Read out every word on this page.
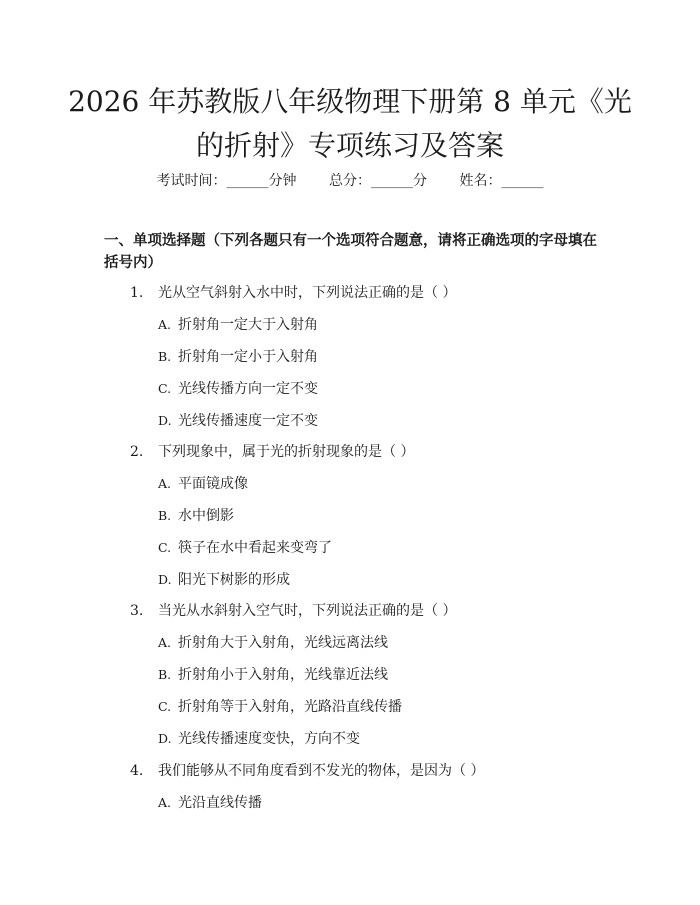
2026 年苏教版八年级物理下册第 8 单元《光的折射》专项练习及答案
考试时间：______分钟 总分：______分 姓名：______

一、单项选择题（下列各题只有一个选项符合题意，请将正确选项的字母填在括号内）

1. 光从空气斜射入水中时，下列说法正确的是（ ）

A. 折射角一定大于入射角

B. 折射角一定小于入射角

C. 光线传播方向一定不变

D. 光线传播速度一定不变

2. 下列现象中，属于光的折射现象的是（ ）

A. 平面镜成像

B. 水中倒影

C. 筷子在水中看起来变弯了

D. 阳光下树影的形成

3. 当光从水斜射入空气时，下列说法正确的是（ ）

A. 折射角大于入射角，光线远离法线

B. 折射角小于入射角，光线靠近法线

C. 折射角等于入射角，光路沿直线传播

D. 光线传播速度变快，方向不变

4. 我们能够从不同角度看到不发光的物体，是因为（ ）

A. 光沿直线传播
